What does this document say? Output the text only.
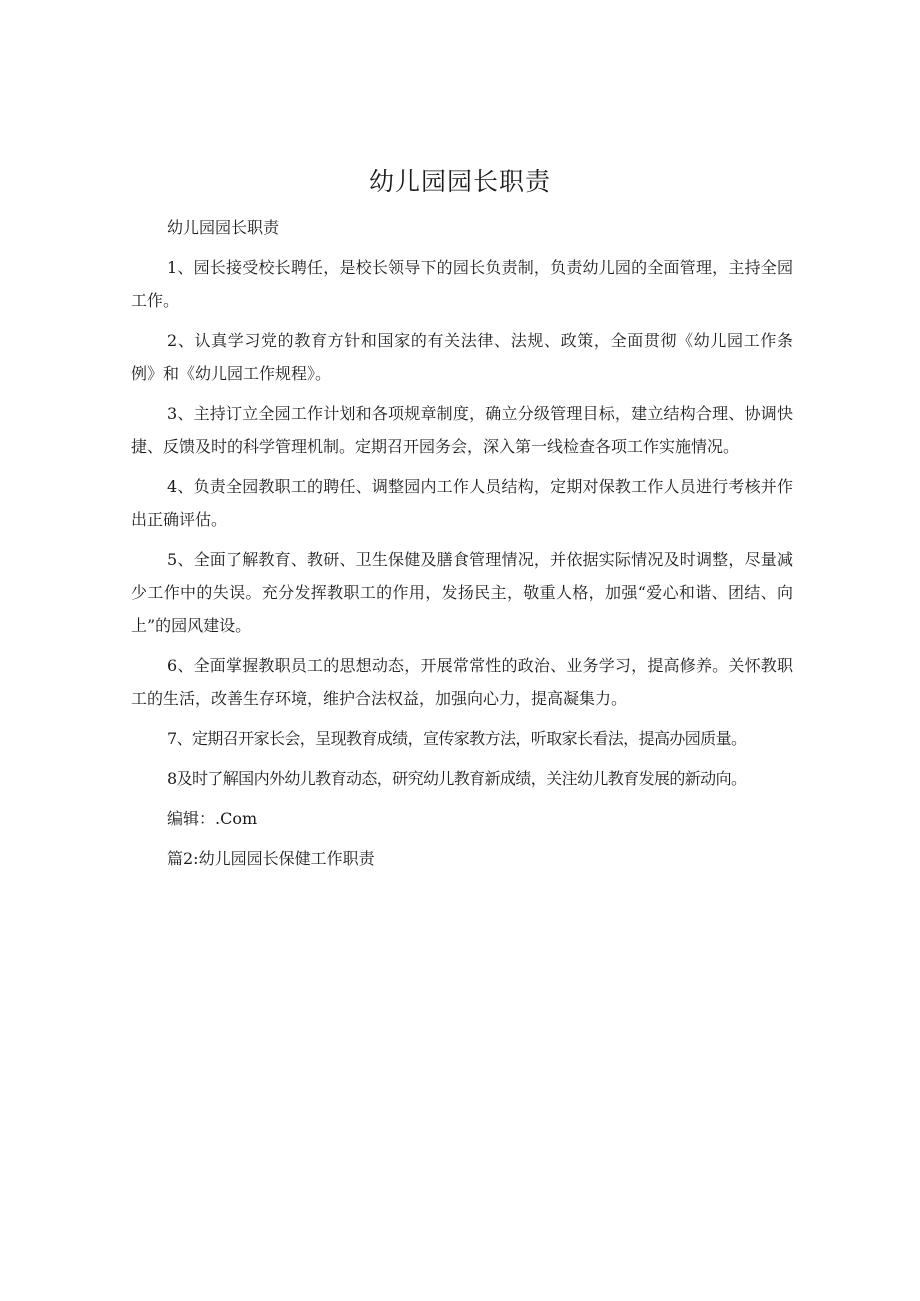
幼儿园园长职责

幼儿园园长职责

1、园长接受校长聘任，是校长领导下的园长负责制，负责幼儿园的全面管理，主持全园工作。

2、认真学习党的教育方针和国家的有关法律、法规、政策，全面贯彻《幼儿园工作条例》和《幼儿园工作规程》。

3、主持订立全园工作计划和各项规章制度，确立分级管理目标，建立结构合理、协调快捷、反馈及时的科学管理机制。定期召开园务会，深入第一线检查各项工作实施情况。

4、负责全园教职工的聘任、调整园内工作人员结构，定期对保教工作人员进行考核并作出正确评估。

5、全面了解教育、教研、卫生保健及膳食管理情况，并依据实际情况及时调整，尽量减少工作中的失误。充分发挥教职工的作用，发扬民主，敬重人格，加强“爱心和谐、团结、向上”的园风建设。

6、全面掌握教职员工的思想动态，开展常常性的政治、业务学习，提高修养。关怀教职工的生活，改善生存环境，维护合法权益，加强向心力，提高凝集力。

7、定期召开家长会，呈现教育成绩，宣传家教方法，听取家长看法，提高办园质量。

8及时了解国内外幼儿教育动态，研究幼儿教育新成绩，关注幼儿教育发展的新动向。

编辑：.Com

篇2:幼儿园园长保健工作职责
